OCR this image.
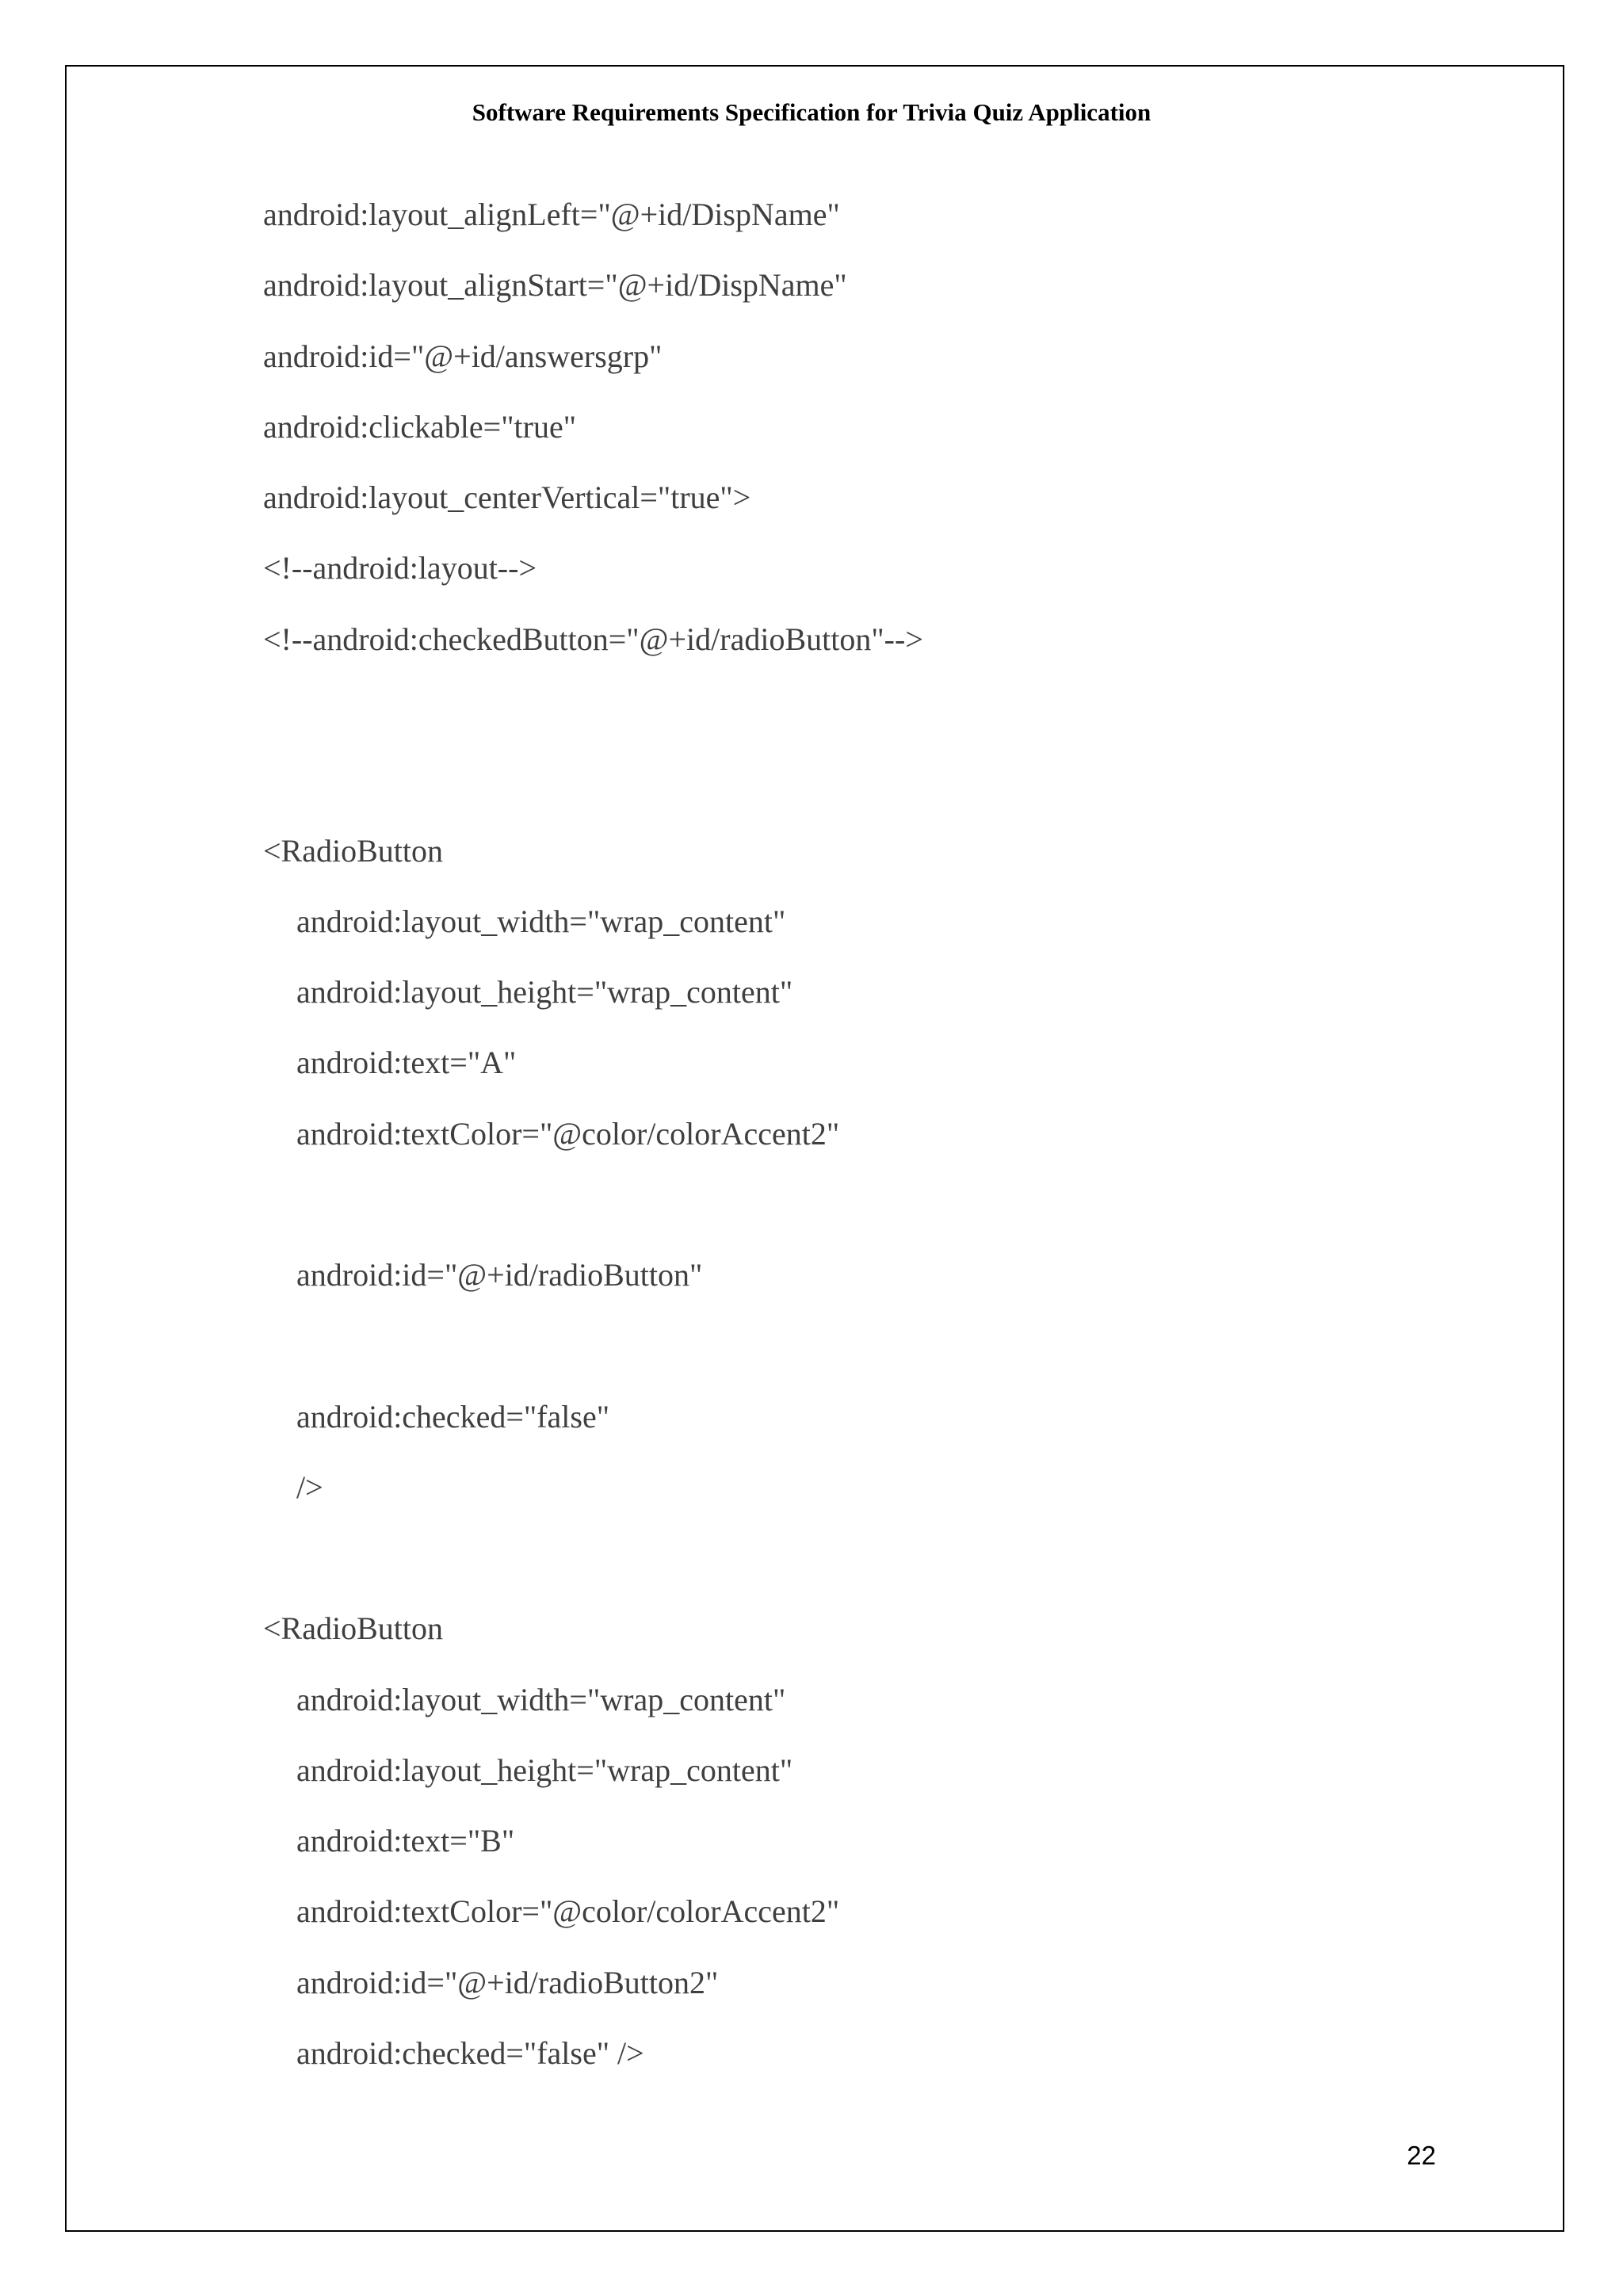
Software Requirements Specification for Trivia Quiz Application
android:layout_alignLeft="@+id/DispName"
android:layout_alignStart="@+id/DispName"
android:id="@+id/answersgrp"
android:clickable="true"
android:layout_centerVertical="true">
<!--android:layout-->
<!--android:checkedButton="@+id/radioButton"-->
<RadioButton
android:layout_width="wrap_content"
android:layout_height="wrap_content"
android:text="A"
android:textColor="@color/colorAccent2"
android:id="@+id/radioButton"
android:checked="false"
/>
<RadioButton
android:layout_width="wrap_content"
android:layout_height="wrap_content"
android:text="B"
android:textColor="@color/colorAccent2"
android:id="@+id/radioButton2"
android:checked="false" />
22
